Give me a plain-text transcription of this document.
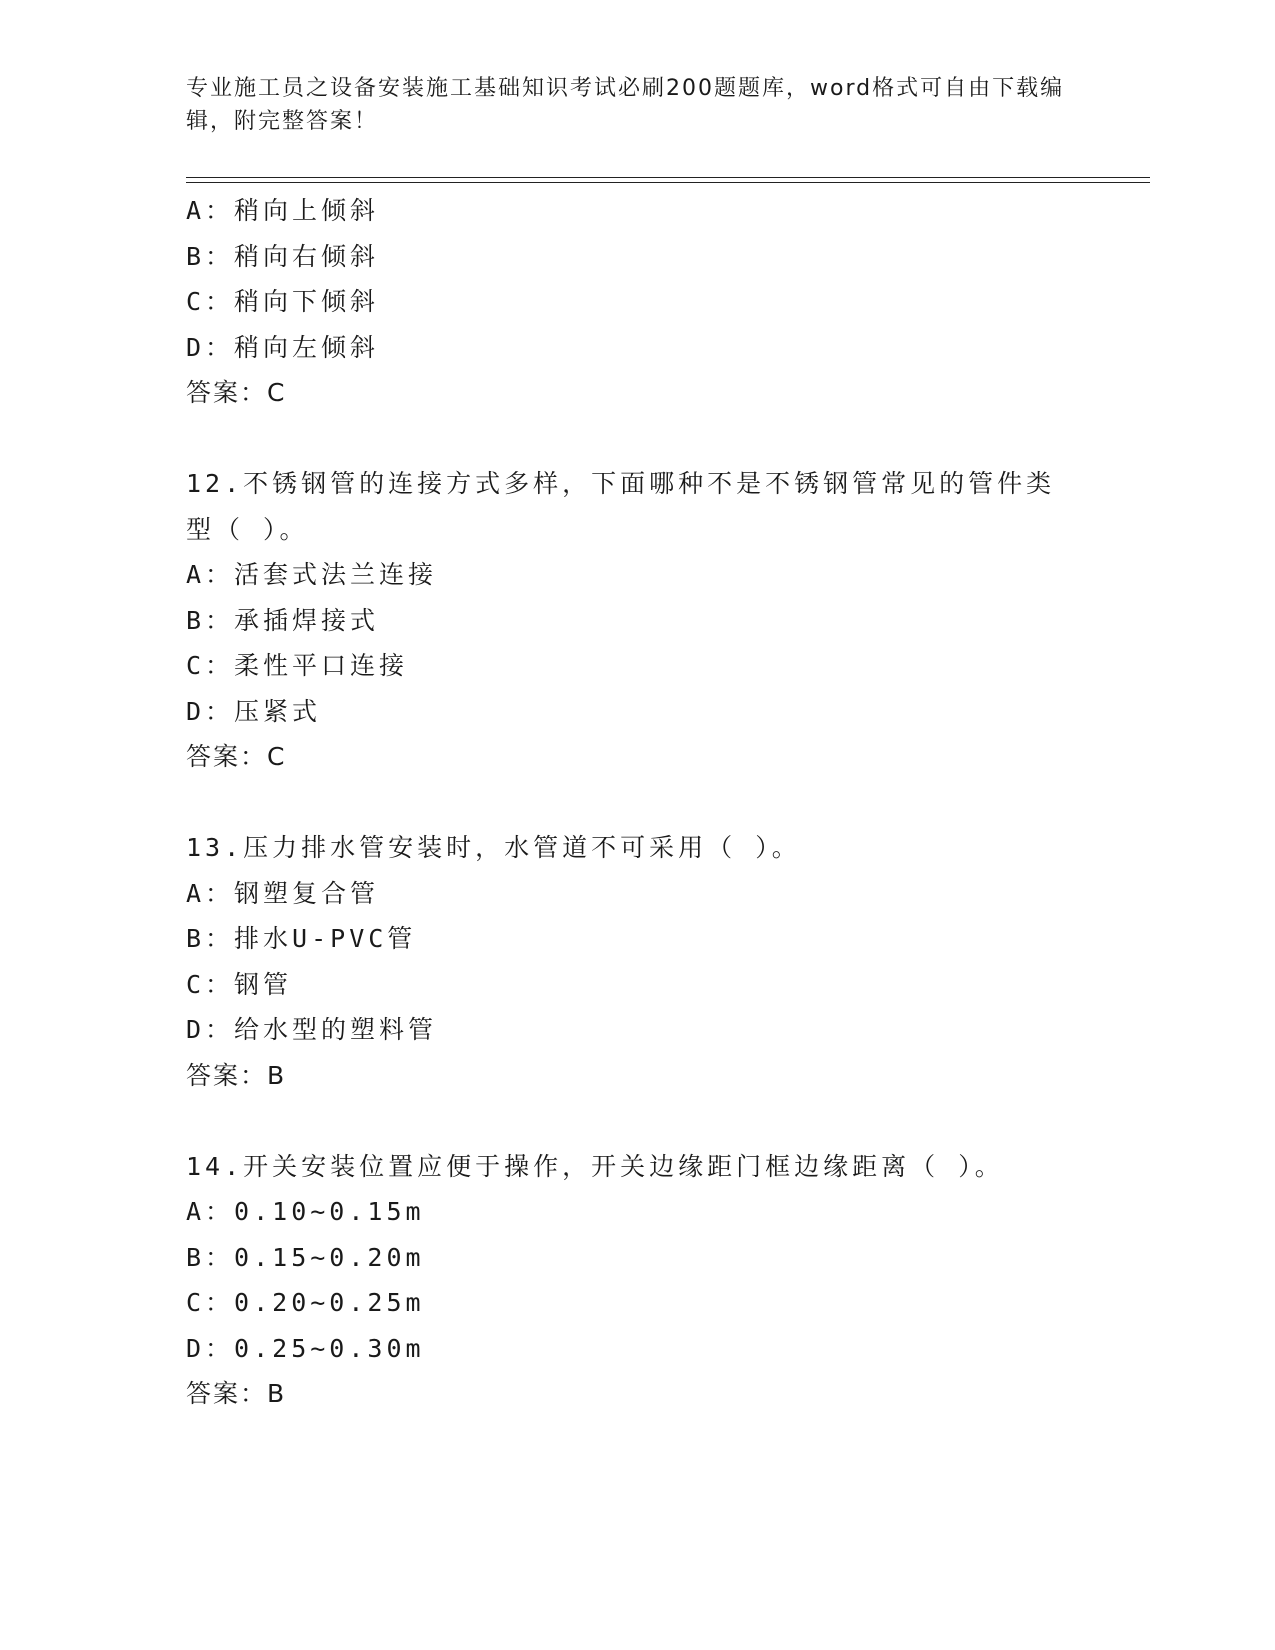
专业施工员之设备安装施工基础知识考试必刷200题题库，word格式可自由下载编辑，附完整答案！
A：稍向上倾斜
B：稍向右倾斜
C：稍向下倾斜
D：稍向左倾斜
答案：C
12.不锈钢管的连接方式多样，下面哪种不是不锈钢管常见的管件类型（ ）。
A：活套式法兰连接
B：承插焊接式
C：柔性平口连接
D：压紧式
答案：C
13.压力排水管安装时，水管道不可采用（ ）。
A：钢塑复合管
B：排水U-PVC管
C：钢管
D：给水型的塑料管
答案：B
14.开关安装位置应便于操作，开关边缘距门框边缘距离（ ）。
A：0.10~0.15m
B：0.15~0.20m
C：0.20~0.25m
D：0.25~0.30m
答案：B
